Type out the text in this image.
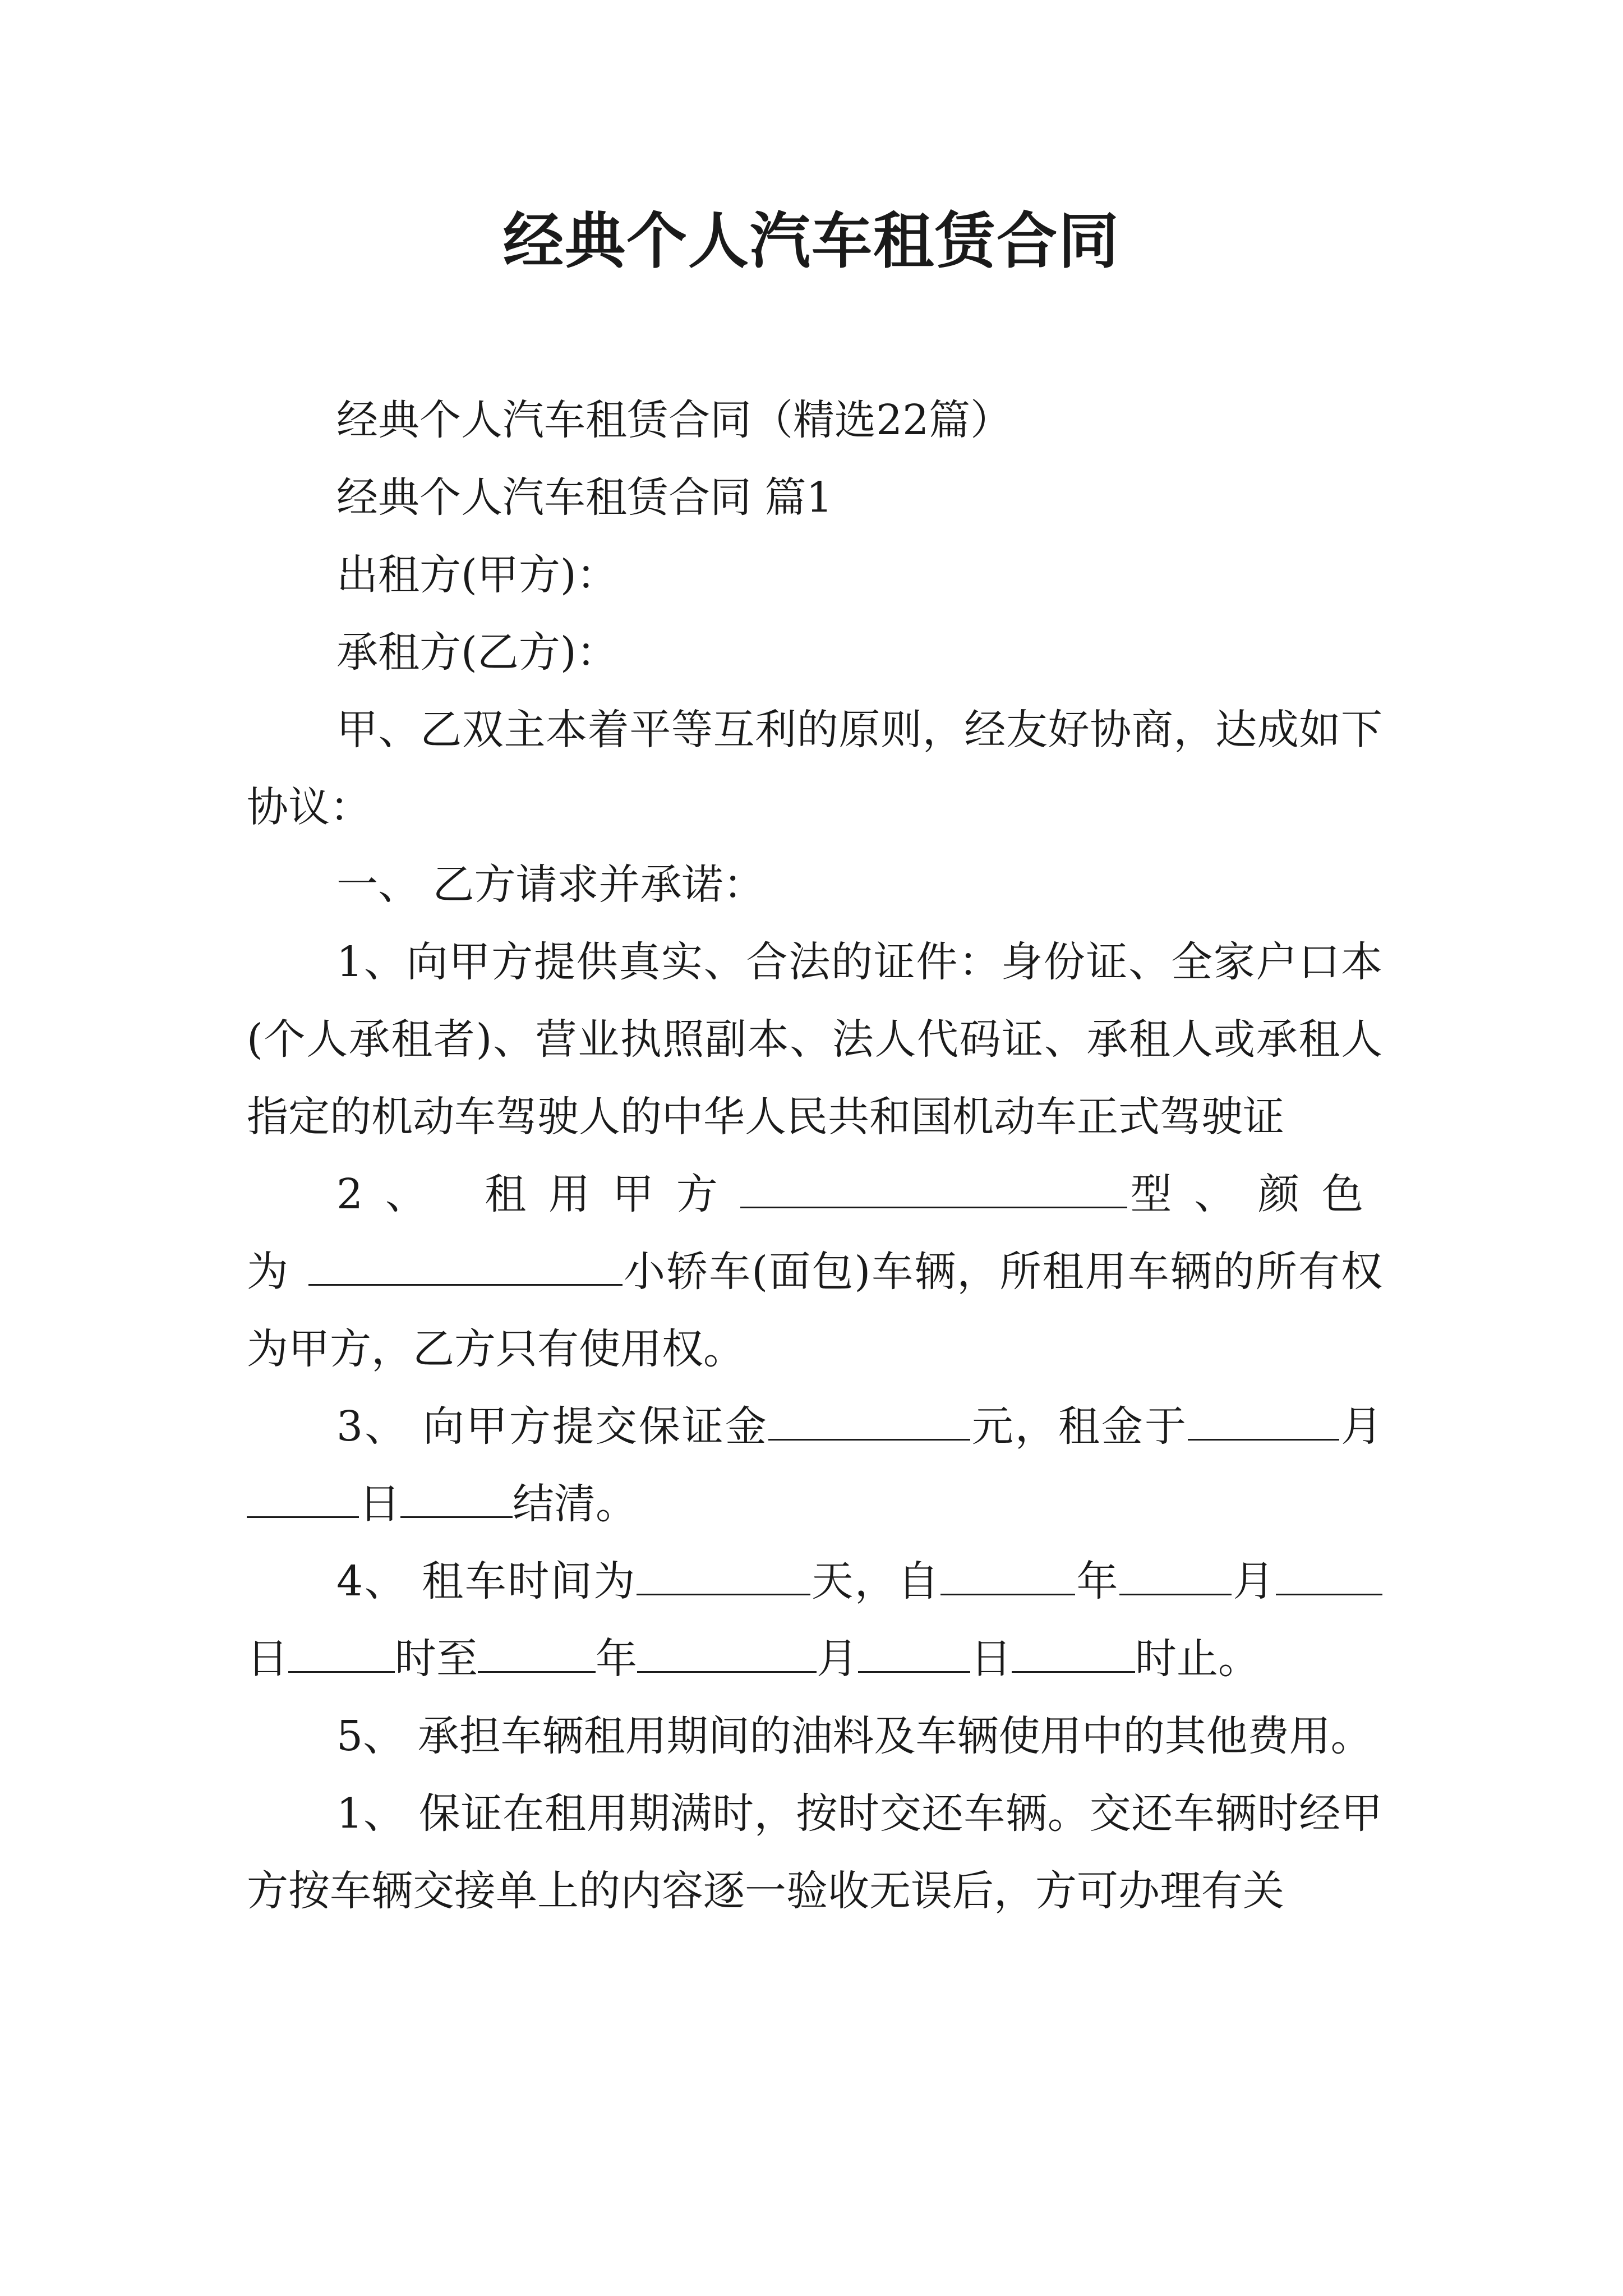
经典个人汽车租赁合同

经典个人汽车租赁合同（精选22篇）

经典个人汽车租赁合同 篇1

出租方(甲方)：

承租方(乙方)：

甲、乙双主本着平等互利的原则，经友好协商，达成如下协议：

一、 乙方请求并承诺：

1、向甲方提供真实、合法的证件：身份证、全家户口本(个人承租者)、营业执照副本、法人代码证、承租人或承租人指定的机动车驾驶人的中华人民共和国机动车正式驾驶证

2、 租用甲方	型、颜色为	小轿车(面包)车辆，所租用车辆的所有权为甲方，乙方只有使用权。

3、 向甲方提交保证金	元，租金于	月日	结清。

4、 租车时间为	天，自	年	月日	时至	年	月	日	时止。

5、 承担车辆租用期间的油料及车辆使用中的其他费用。

1、 保证在租用期满时，按时交还车辆。交还车辆时经甲方按车辆交接单上的内容逐一验收无误后，方可办理有关
